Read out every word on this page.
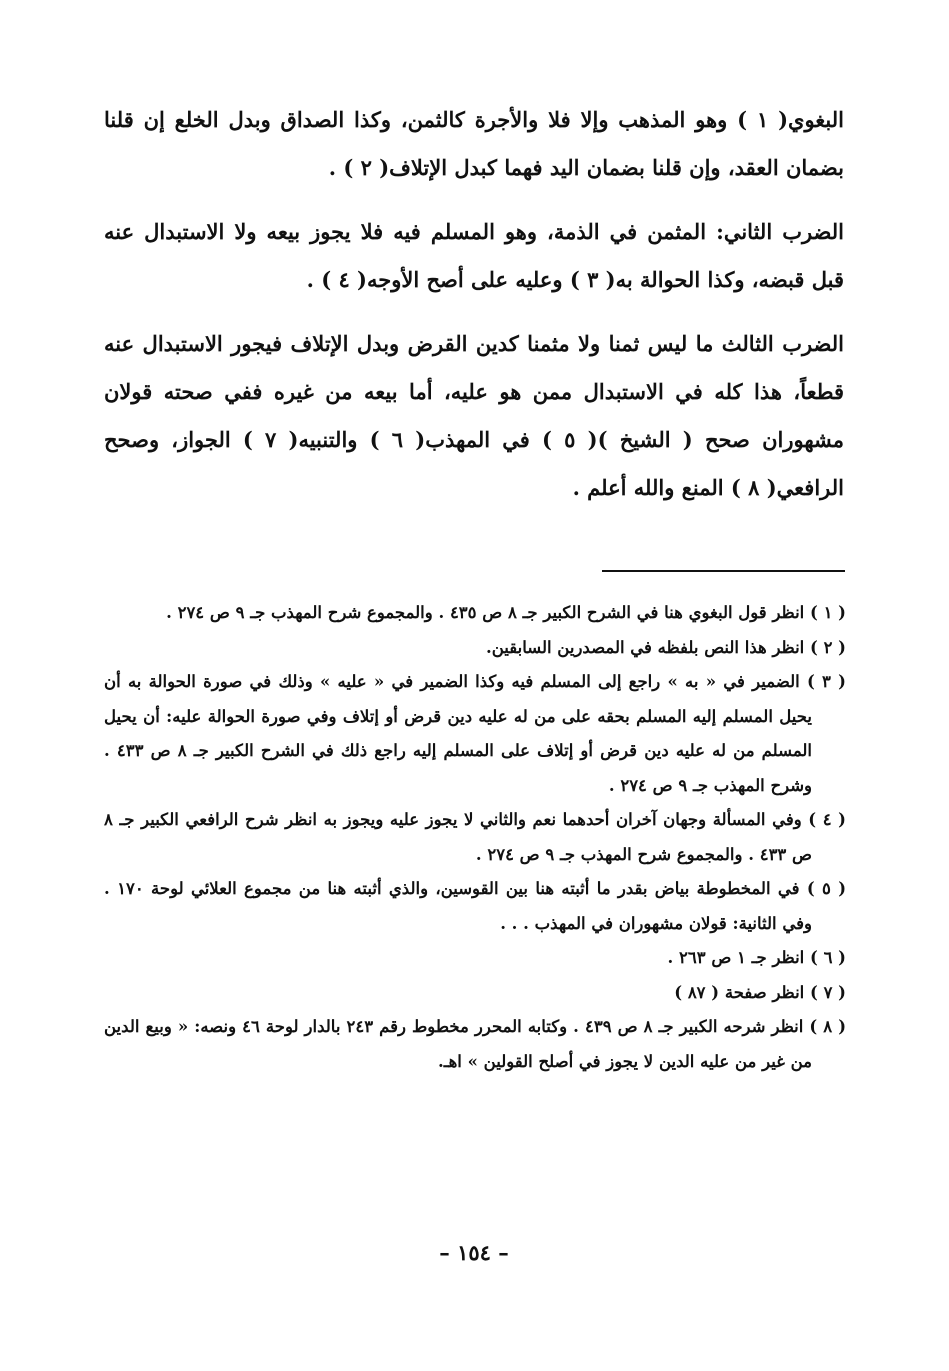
البغوي( ١ ) وهو المذهب وإلا فلا والأجرة كالثمن، وكذا الصداق وبدل الخلع إن قلنا بضمان العقد، وإن قلنا بضمان اليد فهما كبدل الإتلاف( ٢ ) .

الضرب الثاني: المثمن في الذمة، وهو المسلم فيه فلا يجوز بيعه ولا الاستبدال عنه قبل قبضه، وكذا الحوالة به( ٣ ) وعليه على أصح الأوجه( ٤ ) .

الضرب الثالث ما ليس ثمنا ولا مثمنا كدين القرض وبدل الإتلاف فيجور الاستبدال عنه قطعاً، هذا كله في الاستبدال ممن هو عليه، أما بيعه من غيره ففي صحته قولان مشهوران صحح ( الشيخ )( ٥ ) في المهذب( ٦ ) والتنبيه( ٧ ) الجواز، وصحح الرافعي( ٨ ) المنع والله أعلم .

( ١ ) انظر قول البغوي هنا في الشرح الكبير جـ ٨ ص ٤٣٥ . والمجموع شرح المهذب جـ ٩ ص ٢٧٤ .

( ٢ ) انظر هذا النص بلفظه في المصدرين السابقين.

( ٣ ) الضمير في « به » راجع إلى المسلم فيه وكذا الضمير في « عليه » وذلك في صورة الحوالة به أن يحيل المسلم إليه المسلم بحقه على من له عليه دين قرض أو إتلاف وفي صورة الحوالة عليه: أن يحيل المسلم من له عليه دين قرض أو إتلاف على المسلم إليه راجع ذلك في الشرح الكبير جـ ٨ ص ٤٣٣ . وشرح المهذب جـ ٩ ص ٢٧٤ .

( ٤ ) وفي المسألة وجهان آخران أحدهما نعم والثاني لا يجوز عليه ويجوز به انظر شرح الرافعي الكبير جـ ٨ ص ٤٣٣ . والمجموع شرح المهذب جـ ٩ ص ٢٧٤ .

( ٥ ) في المخطوطة بياض بقدر ما أثبته هنا بين القوسين، والذي أثبته هنا من مجموع العلائي لوحة ١٧٠ . وفي الثانية: قولان مشهوران في المهذب . . .

( ٦ ) انظر جـ ١ ص ٢٦٣ .

( ٧ ) انظر صفحة ( ٨٧ )

( ٨ ) انظر شرحه الكبير جـ ٨ ص ٤٣٩ . وكتابه المحرر مخطوط رقم ٢٤٣ بالدار لوحة ٤٦ ونصه: « وبيع الدين من غير من عليه الدين لا يجوز في أصلح القولين » اهـ.

– ١٥٤ –
